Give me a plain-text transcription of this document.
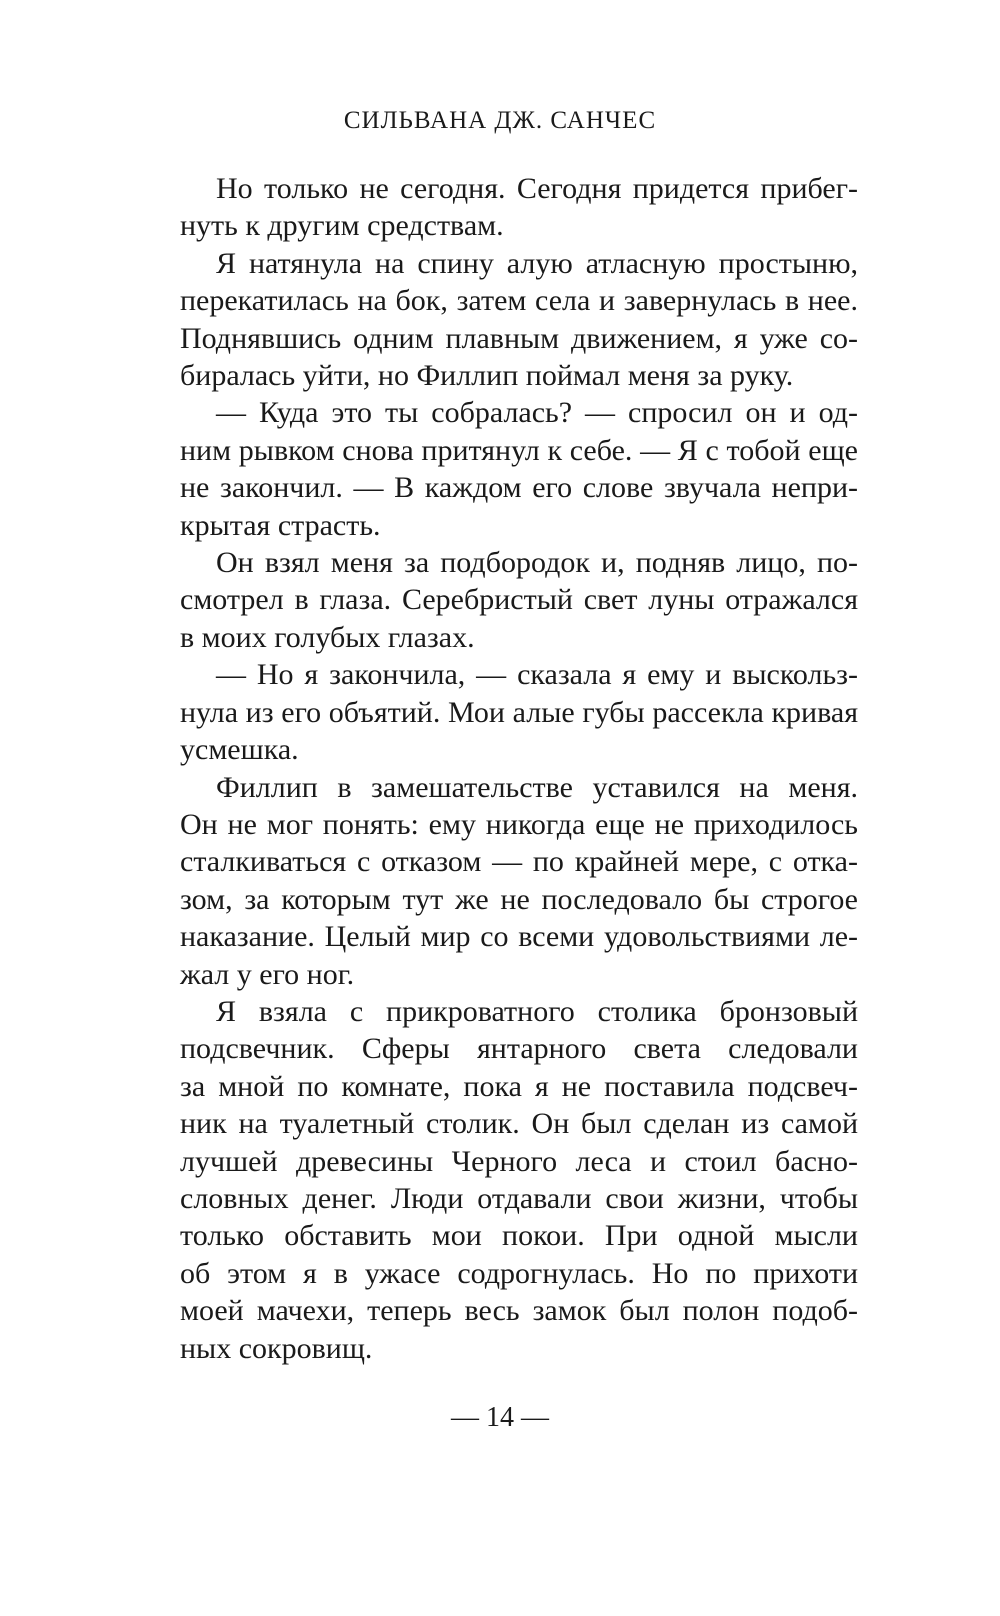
СИЛЬВАНА ДЖ. САНЧЕС
Но только не сегодня. Сегодня придется прибег-
нуть к другим средствам.
Я натянула на спину алую атласную простыню,
перекатилась на бок, затем села и завернулась в нее.
Поднявшись одним плавным движением, я уже со-
биралась уйти, но Филлип поймал меня за руку.
— Куда это ты собралась? — спросил он и од-
ним рывком снова притянул к себе. — Я с тобой еще
не закончил. — В каждом его слове звучала непри-
крытая страсть.
Он взял меня за подбородок и, подняв лицо, по-
смотрел в глаза. Серебристый свет луны отражался
в моих голубых глазах.
— Но я закончила, — сказала я ему и выскольз-
нула из его объятий. Мои алые губы рассекла кривая
усмешка.
Филлип в замешательстве уставился на меня.
Он не мог понять: ему никогда еще не приходилось
сталкиваться с отказом — по крайней мере, с отка-
зом, за которым тут же не последовало бы строгое
наказание. Целый мир со всеми удовольствиями ле-
жал у его ног.
Я взяла с прикроватного столика бронзовый
подсвечник. Сферы янтарного света следовали
за мной по комнате, пока я не поставила подсвеч-
ник на туалетный столик. Он был сделан из самой
лучшей древесины Черного леса и стоил басно-
словных денег. Люди отдавали свои жизни, чтобы
только обставить мои покои. При одной мысли
об этом я в ужасе содрогнулась. Но по прихоти
моей мачехи, теперь весь замок был полон подоб-
ных сокровищ.
— 14 —
